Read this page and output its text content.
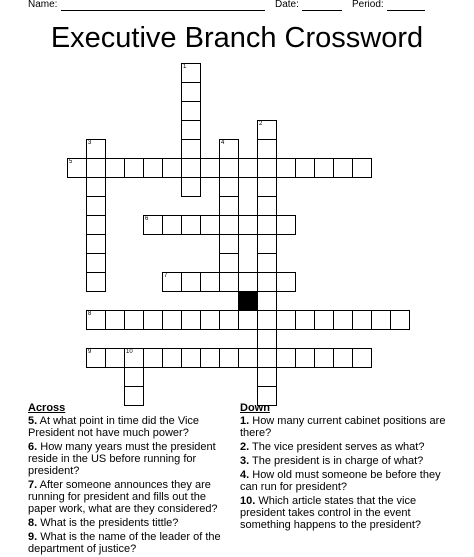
Name:	Date:	Period:
Executive Branch Crossword
1
2
3	4
10
5
6
7
8
9
Across
5. At what point in time did the Vice President not have much power?
6. How many years must the president reside in the US before running for president?
7. After someone announces they are running for president and fills out the paper work, what are they considered?
8. What is the presidents tittle?
9. What is the name of the leader of the department of justice?
Down
1. How many current cabinet positions are there?
2. The vice president serves as what?
3. The president is in charge of what?
4. How old must someone be before they can run for president?
10. Which article states that the vice president takes control in the event something happens to the president?
